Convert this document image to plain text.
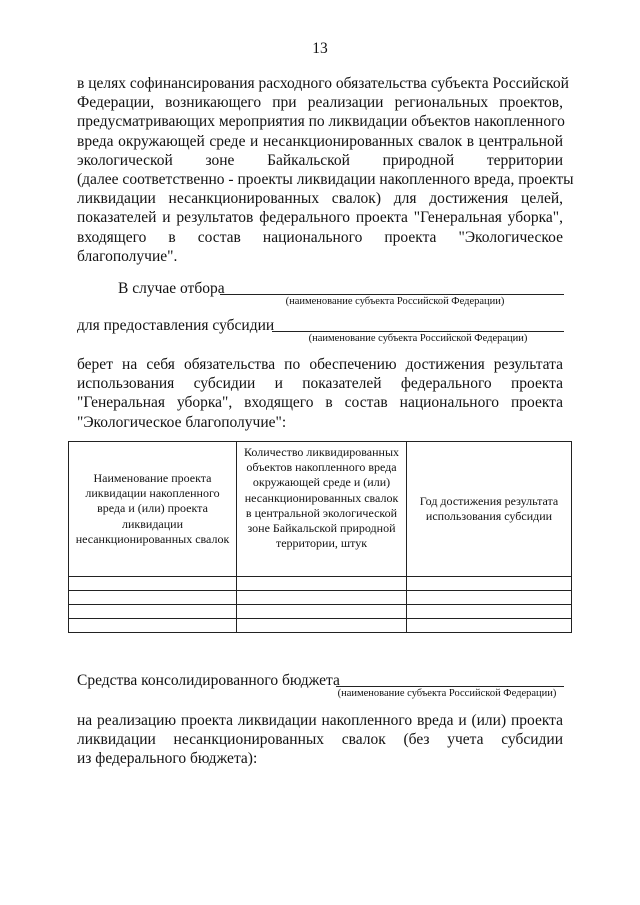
13
в целях софинансирования расходного обязательства субъекта Российской
Федерации, возникающего при реализации региональных проектов,
предусматривающих мероприятия по ликвидации объектов накопленного
вреда окружающей среде и несанкционированных свалок в центральной
экологической зоне Байкальской природной территории
(далее соответственно - проекты ликвидации накопленного вреда, проекты
ликвидации несанкционированных свалок) для достижения целей,
показателей и результатов федерального проекта "Генеральная уборка",
входящего в состав национального проекта "Экологическое
благополучие".
В случае отбора
(наименование субъекта Российской Федерации)
для предоставления субсидии
(наименование субъекта Российской Федерации)
берет на себя обязательства по обеспечению достижения результата
использования субсидии и показателей федерального проекта
"Генеральная уборка", входящего в состав национального проекта
"Экологическое благополучие":
Наименование проекта ликвидации накопленного вреда и (или) проекта ликвидации несанкционированных свалок	Количество ликвидированных объектов накопленного вреда окружающей среде и (или) несанкционированных свалок в центральной экологической зоне Байкальской природной территории, штук	Год достижения результата использования субсидии

Средства консолидированного бюджета
(наименование субъекта Российской Федерации)
на реализацию проекта ликвидации накопленного вреда и (или) проекта
ликвидации несанкционированных свалок (без учета субсидии
из федерального бюджета):
